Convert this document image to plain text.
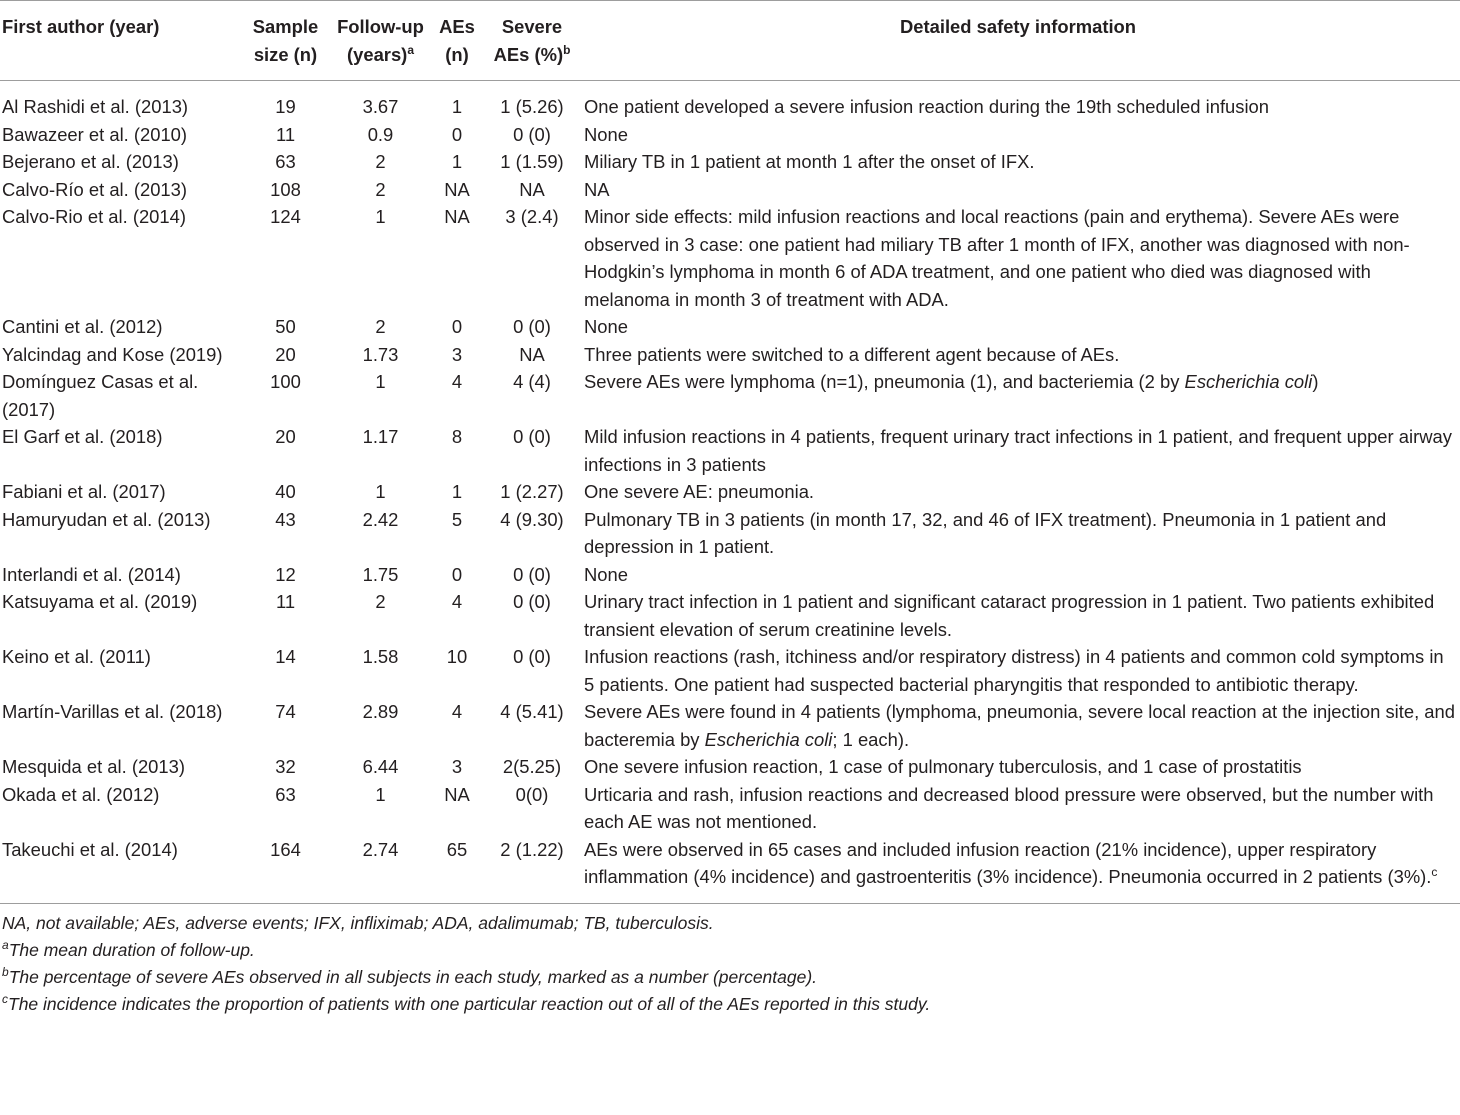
First author (year)	Sample size (n)	Follow-up (years)$^a$	AEs (n)	Severe AEs (%)$^b$	Detailed safety information
Al Rashidi et al. (2013)	19	3.67	1	1 (5.26)	One patient developed a severe infusion reaction during the 19th scheduled infusion
Bawazeer et al. (2010)	11	0.9	0	0 (0)	None
Bejerano et al. (2013)	63	2	1	1 (1.59)	Miliary TB in 1 patient at month 1 after the onset of IFX.
Calvo-Río et al. (2013)	108	2	NA	NA	NA
Calvo-Rio et al. (2014)	124	1	NA	3 (2.4)	Minor side effects: mild infusion reactions and local reactions (pain and erythema). Severe AEs were observed in 3 case: one patient had miliary TB after 1 month of IFX, another was diagnosed with non-Hodgkin’s lymphoma in month 6 of ADA treatment, and one patient who died was diagnosed with melanoma in month 3 of treatment with ADA.
Cantini et al. (2012)	50	2	0	0 (0)	None
Yalcindag and Kose (2019)	20	1.73	3	NA	Three patients were switched to a different agent because of AEs.
Domínguez Casas et al. (2017)	100	1	4	4 (4)	Severe AEs were lymphoma (n=1), pneumonia (1), and bacteriemia (2 by Escherichia coli)
El Garf et al. (2018)	20	1.17	8	0 (0)	Mild infusion reactions in 4 patients, frequent urinary tract infections in 1 patient, and frequent upper airway infections in 3 patients
Fabiani et al. (2017)	40	1	1	1 (2.27)	One severe AE: pneumonia.
Hamuryudan et al. (2013)	43	2.42	5	4 (9.30)	Pulmonary TB in 3 patients (in month 17, 32, and 46 of IFX treatment). Pneumonia in 1 patient and depression in 1 patient.
Interlandi et al. (2014)	12	1.75	0	0 (0)	None
Katsuyama et al. (2019)	11	2	4	0 (0)	Urinary tract infection in 1 patient and significant cataract progression in 1 patient. Two patients exhibited transient elevation of serum creatinine levels.
Keino et al. (2011)	14	1.58	10	0 (0)	Infusion reactions (rash, itchiness and/or respiratory distress) in 4 patients and common cold symptoms in 5 patients. One patient had suspected bacterial pharyngitis that responded to antibiotic therapy.
Martín-Varillas et al. (2018)	74	2.89	4	4 (5.41)	Severe AEs were found in 4 patients (lymphoma, pneumonia, severe local reaction at the injection site, and bacteremia by Escherichia coli; 1 each).
Mesquida et al. (2013)	32	6.44	3	2(5.25)	One severe infusion reaction, 1 case of pulmonary tuberculosis, and 1 case of prostatitis
Okada et al. (2012)	63	1	NA	0(0)	Urticaria and rash, infusion reactions and decreased blood pressure were observed, but the number with each AE was not mentioned.
Takeuchi et al. (2014)	164	2.74	65	2 (1.22)	AEs were observed in 65 cases and included infusion reaction (21% incidence), upper respiratory inflammation (4% incidence) and gastroenteritis (3% incidence). Pneumonia occurred in 2 patients (3%).$^c$
NA, not available; AEs, adverse events; IFX, infliximab; ADA, adalimumab; TB, tuberculosis.
$^a$The mean duration of follow-up.
$^b$The percentage of severe AEs observed in all subjects in each study, marked as a number (percentage).
$^c$The incidence indicates the proportion of patients with one particular reaction out of all of the AEs reported in this study.
